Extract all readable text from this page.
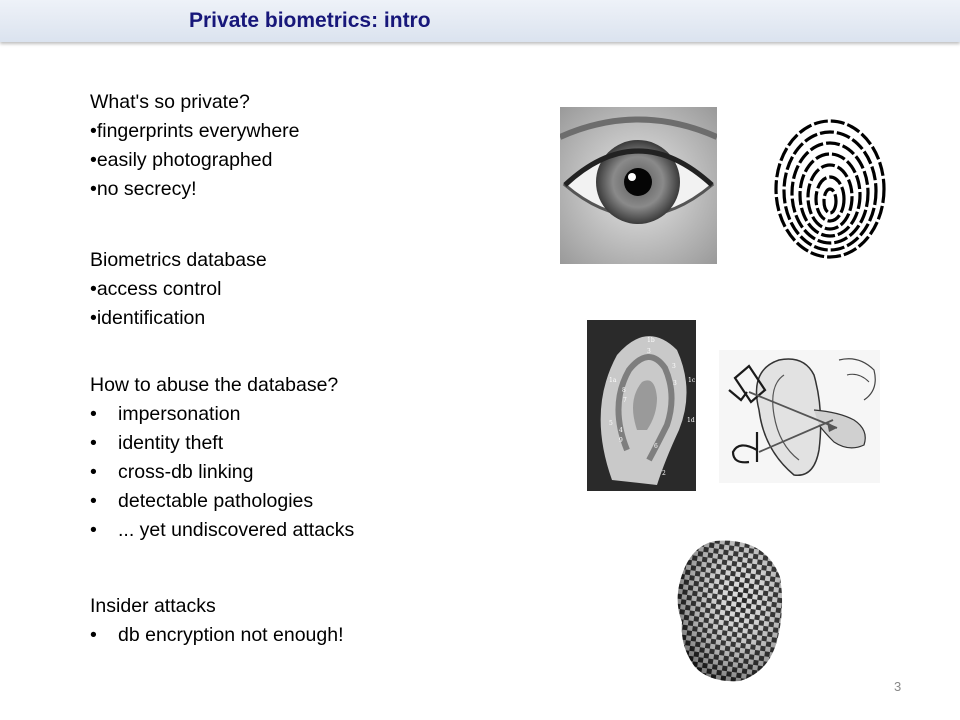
Private biometrics: intro
What's so private?
•fingerprints everywhere
•easily photographed
•no secrecy!
Biometrics database
•access control
•identification
How to abuse the database?
•	impersonation
•	identity theft
•	cross-db linking
•	detectable pathologies
•	... yet undiscovered attacks
Insider attacks
•	db encryption not enough!
1b
3
1a
8
7
3 1c
1d
5
4
9
6
2
3
3
